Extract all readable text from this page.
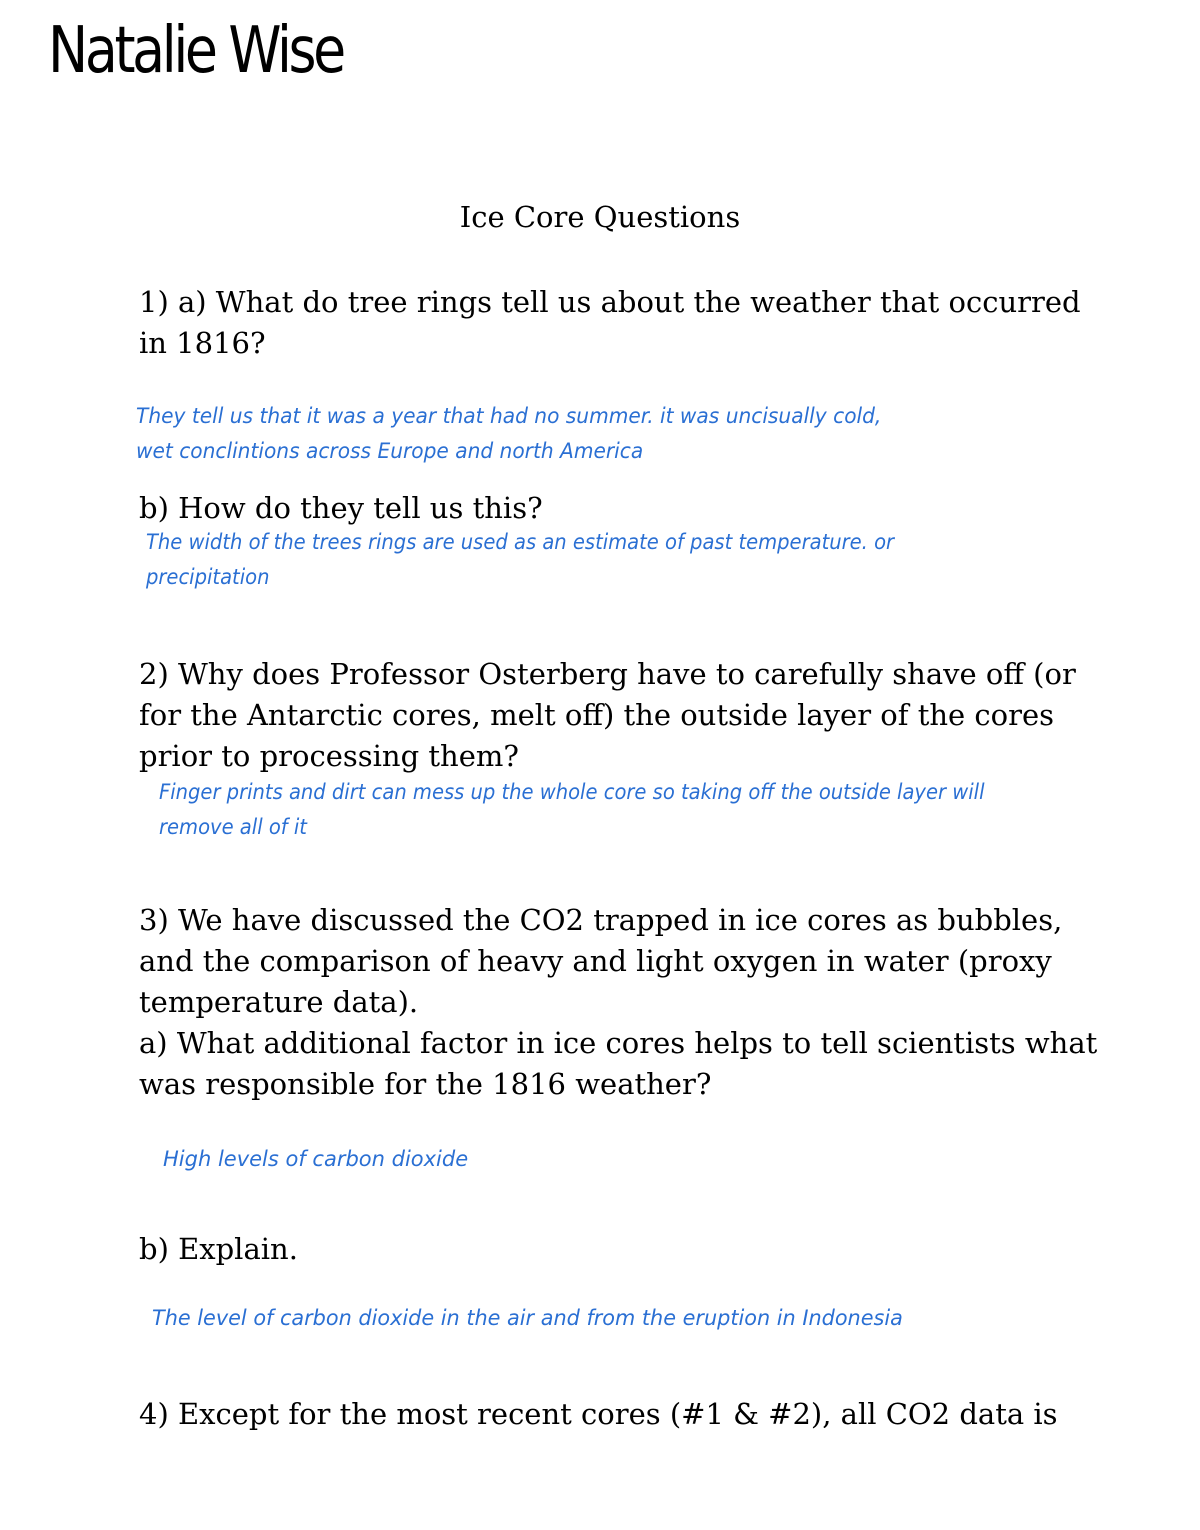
Natalie Wise
Ice Core Questions
1) a) What do tree rings tell us about the weather that occurred
in 1816?
They tell us that it was a year that had no summer. it was uncisually cold,
wet conclintions across Europe and north America
b) How do they tell us this?
The width of the trees rings are used as an estimate of past temperature. or
precipitation
2) Why does Professor Osterberg have to carefully shave off (or
for the Antarctic cores, melt off) the outside layer of the cores
prior to processing them?
Finger prints and dirt can mess up the whole core so taking off the outside layer will
remove all of it
3) We have discussed the CO2 trapped in ice cores as bubbles,
and the comparison of heavy and light oxygen in water (proxy
temperature data).
a) What additional factor in ice cores helps to tell scientists what
was responsible for the 1816 weather?
High levels of carbon dioxide
b) Explain.
The level of carbon dioxide in the air and from the eruption in Indonesia
4) Except for the most recent cores (#1 & #2), all CO2 data is
